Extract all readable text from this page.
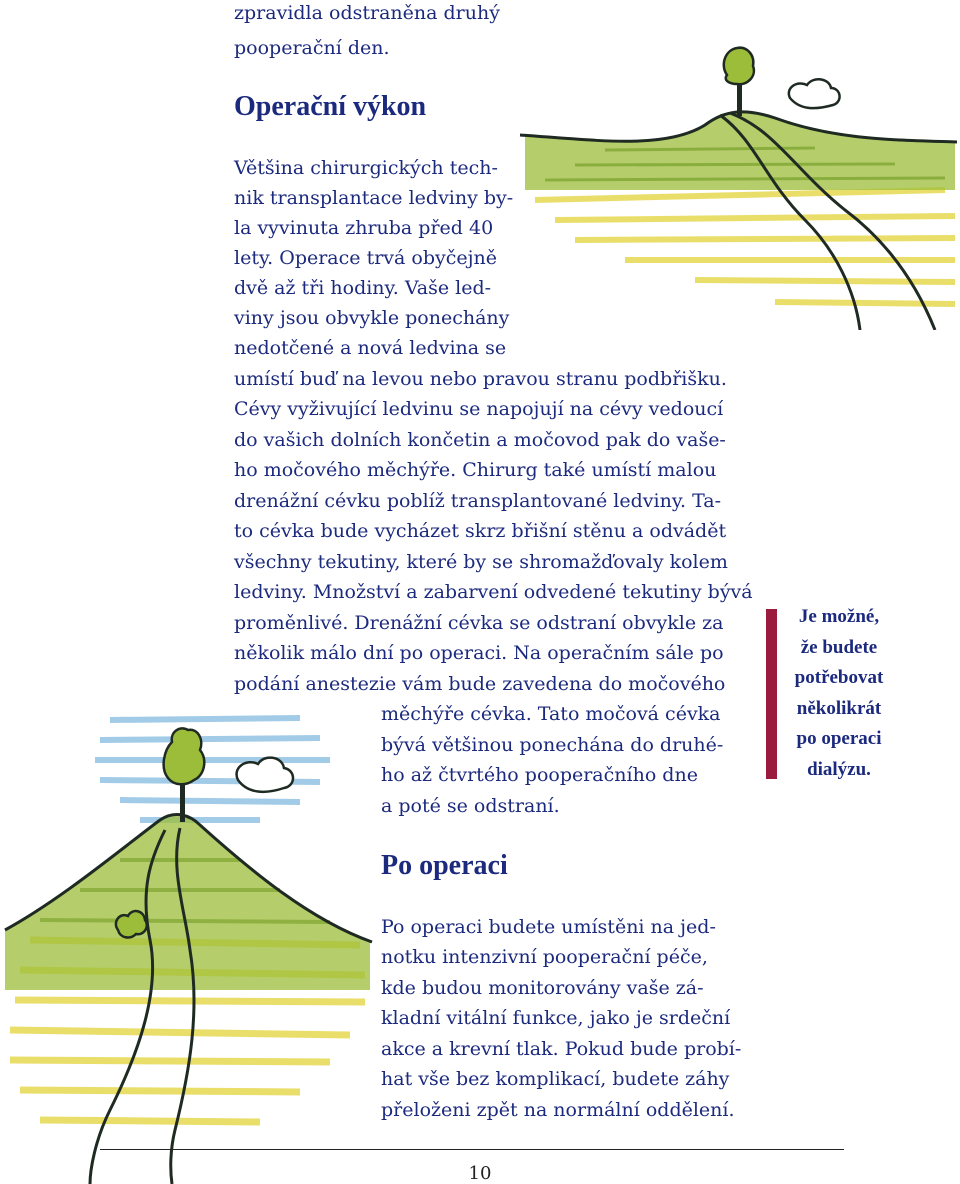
zpravidla odstraněna druhý
pooperační den.
Operační výkon
Většina chirurgických tech-
nik transplantace ledviny by-
la vyvinuta zhruba před 40
lety. Operace trvá obyčejně
dvě až tři hodiny. Vaše led-
viny jsou obvykle ponechány
nedotčené a nová ledvina se
umístí buď na levou nebo pravou stranu podbřišku.
Cévy vyživující ledvinu se napojují na cévy vedoucí
do vašich dolních končetin a močovod pak do vaše-
ho močového měchýře. Chirurg také umístí malou
drenážní cévku poblíž transplantované ledviny. Ta-
to cévka bude vycházet skrz břišní stěnu a odvádět
všechny tekutiny, které by se shromažďovaly kolem
ledviny. Množství a zabarvení odvedené tekutiny bývá
proměnlivé. Drenážní cévka se odstraní obvykle za
několik málo dní po operaci. Na operačním sále po
podání anestezie vám bude zavedena do močového
měchýře cévka. Tato močová cévka
bývá většinou ponechána do druhé-
ho až čtvrtého pooperačního dne
a poté se odstraní.
Je možné,
že budete
potřebovat
několikrát
po operaci
dialýzu.
Po operaci
Po operaci budete umístěni na jed-
notku intenzivní pooperační péče,
kde budou monitorovány vaše zá-
kladní vitální funkce, jako je srdeční
akce a krevní tlak. Pokud bude probí-
hat vše bez komplikací, budete záhy
přeloženi zpět na normální oddělení.
10
